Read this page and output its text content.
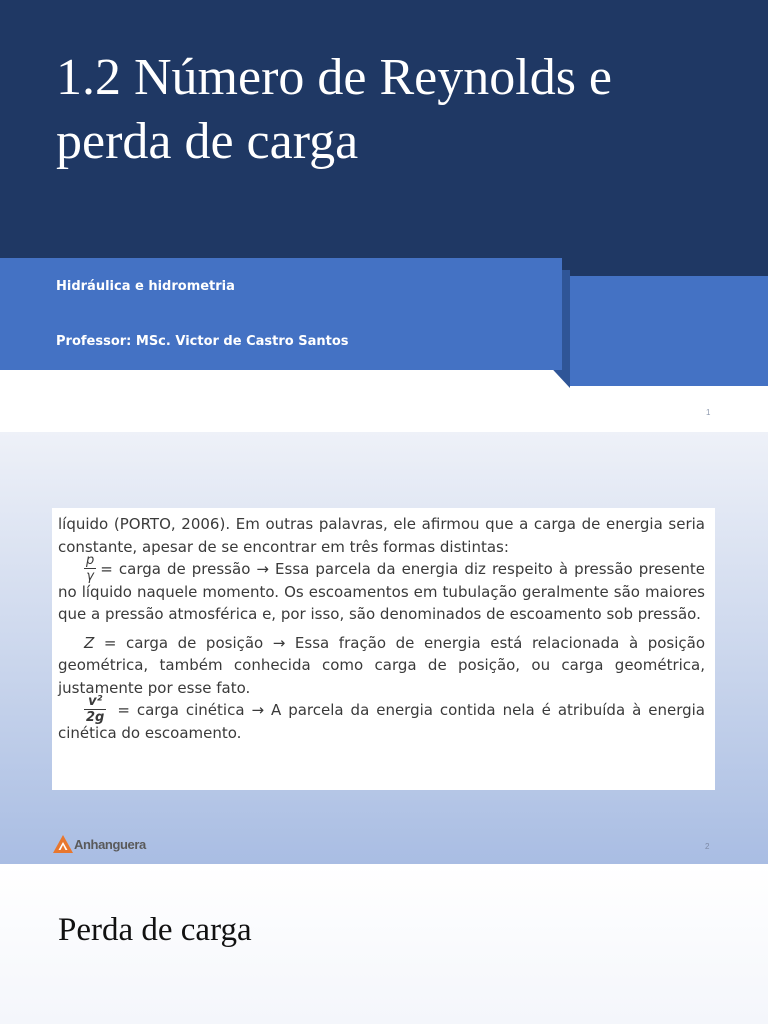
1.2 Número de Reynolds e perda de carga
Hidráulica e hidrometria
Professor: MSc. Victor de Castro Santos
1

líquido (PORTO, 2006). Em outras palavras, ele afirmou que a carga de energia seria constante, apesar de se encontrar em três formas distintas:

$\frac{p}{\gamma}$ = carga de pressão → Essa parcela da energia diz respeito à pressão presente no líquido naquele momento. Os escoamentos em tubulação geralmente são maiores que a pressão atmosférica e, por isso, são denominados de escoamento sob pressão.

Z = carga de posição → Essa fração de energia está relacionada à posição geométrica, também conhecida como carga de posição, ou carga geométrica, justamente por esse fato.

$\frac{\text{v²}}{2g}$ = carga cinética → A parcela da energia contida nela é atribuída à energia cinética do escoamento.

Anhanguera	2
Perda de carga
